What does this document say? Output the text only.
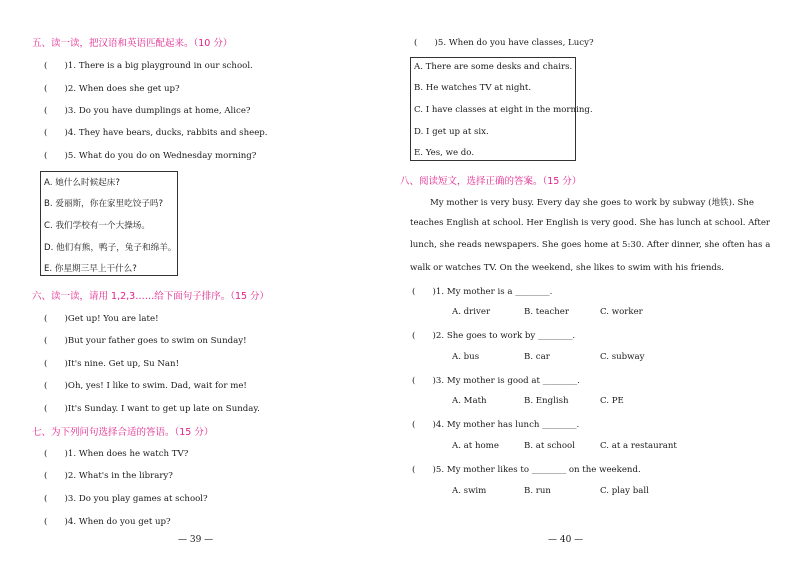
五、读一读，把汉语和英语匹配起来。（10 分）
(　　)1. There is a big playground in our school.
(　　)2. When does she get up?
(　　)3. Do you have dumplings at home, Alice?
(　　)4. They have bears, ducks, rabbits and sheep.
(　　)5. What do you do on Wednesday morning?
A. 她什么时候起床?
B. 爱丽斯，你在家里吃饺子吗?
C. 我们学校有一个大操场。
D. 他们有熊，鸭子，兔子和绵羊。
E. 你星期三早上干什么?
六、读一读，请用 1,2,3……给下面句子排序。（15 分）
(　　)Get up! You are late!
(　　)But your father goes to swim on Sunday!
(　　)It's nine. Get up, Su Nan!
(　　)Oh, yes! I like to swim. Dad, wait for me!
(　　)It's Sunday. I want to get up late on Sunday.
七、为下列问句选择合适的答语。（15 分）
(　　)1. When does he watch TV?
(　　)2. What's in the library?
(　　)3. Do you play games at school?
(　　)4. When do you get up?
— 39 —
(　　)5. When do you have classes, Lucy?
A. There are some desks and chairs.
B. He watches TV at night.
C. I have classes at eight in the morning.
D. I get up at six.
E. Yes, we do.
八、阅读短文，选择正确的答案。（15 分）
My mother is very busy. Every day she goes to work by subway (地铁). She
teaches English at school. Her English is very good. She has lunch at school. After
lunch, she reads newspapers. She goes home at 5:30. After dinner, she often has a
walk or watches TV. On the weekend, she likes to swim with his friends.
(　　)1. My mother is a ________.
A. driver	B. teacher	C. worker
(　　)2. She goes to work by ________.
A. bus	B. car	C. subway
(　　)3. My mother is good at ________.
A. Math	B. English	C. PE
(　　)4. My mother has lunch ________.
A. at home	B. at school	C. at a restaurant
(　　)5. My mother likes to ________ on the weekend.
A. swim	B. run	C. play ball
— 40 —
